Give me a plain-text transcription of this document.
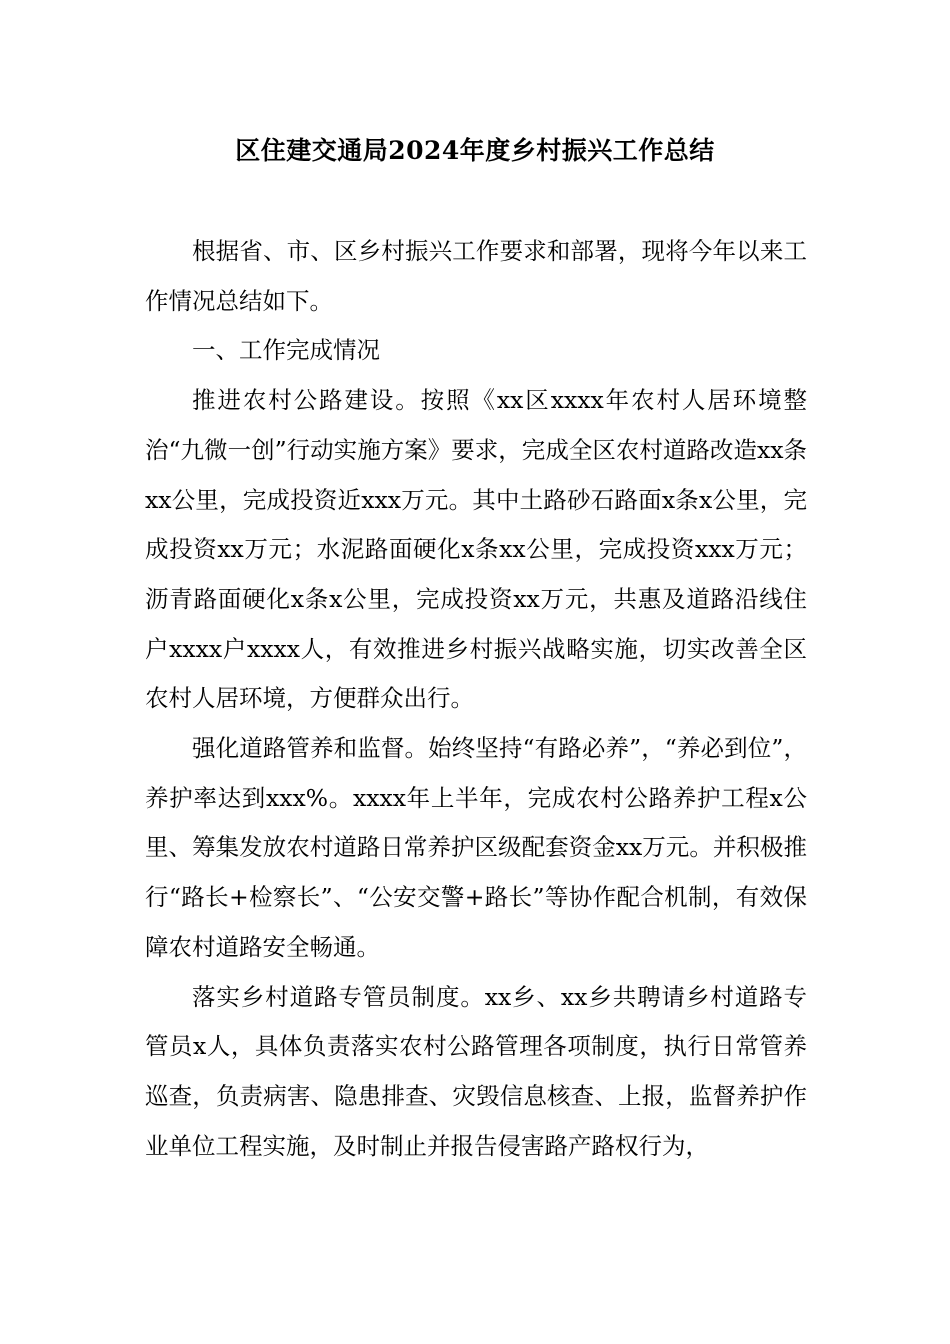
区住建交通局2024年度乡村振兴工作总结

根据省、市、区乡村振兴工作要求和部署，现将今年以来工作情况总结如下。

一、工作完成情况

推进农村公路建设。按照《xx区xxxx年农村人居环境整治“九微一创”行动实施方案》要求，完成全区农村道路改造xx条xx公里，完成投资近xxx万元。其中土路砂石路面x条x公里，完成投资xx万元；水泥路面硬化x条xx公里，完成投资xxx万元；沥青路面硬化x条x公里，完成投资xx万元，共惠及道路沿线住户xxxx户xxxx人，有效推进乡村振兴战略实施，切实改善全区农村人居环境，方便群众出行。

强化道路管养和监督。始终坚持“有路必养”，“养必到位”，养护率达到xxx%。xxxx年上半年，完成农村公路养护工程x公里、筹集发放农村道路日常养护区级配套资金xx万元。并积极推行“路长+检察长”、“公安交警+路长”等协作配合机制，有效保障农村道路安全畅通。

落实乡村道路专管员制度。xx乡、xx乡共聘请乡村道路专管员x人，具体负责落实农村公路管理各项制度，执行日常管养巡查，负责病害、隐患排查、灾毁信息核查、上报，监督养护作业单位工程实施，及时制止并报告侵害路产路权行为，
